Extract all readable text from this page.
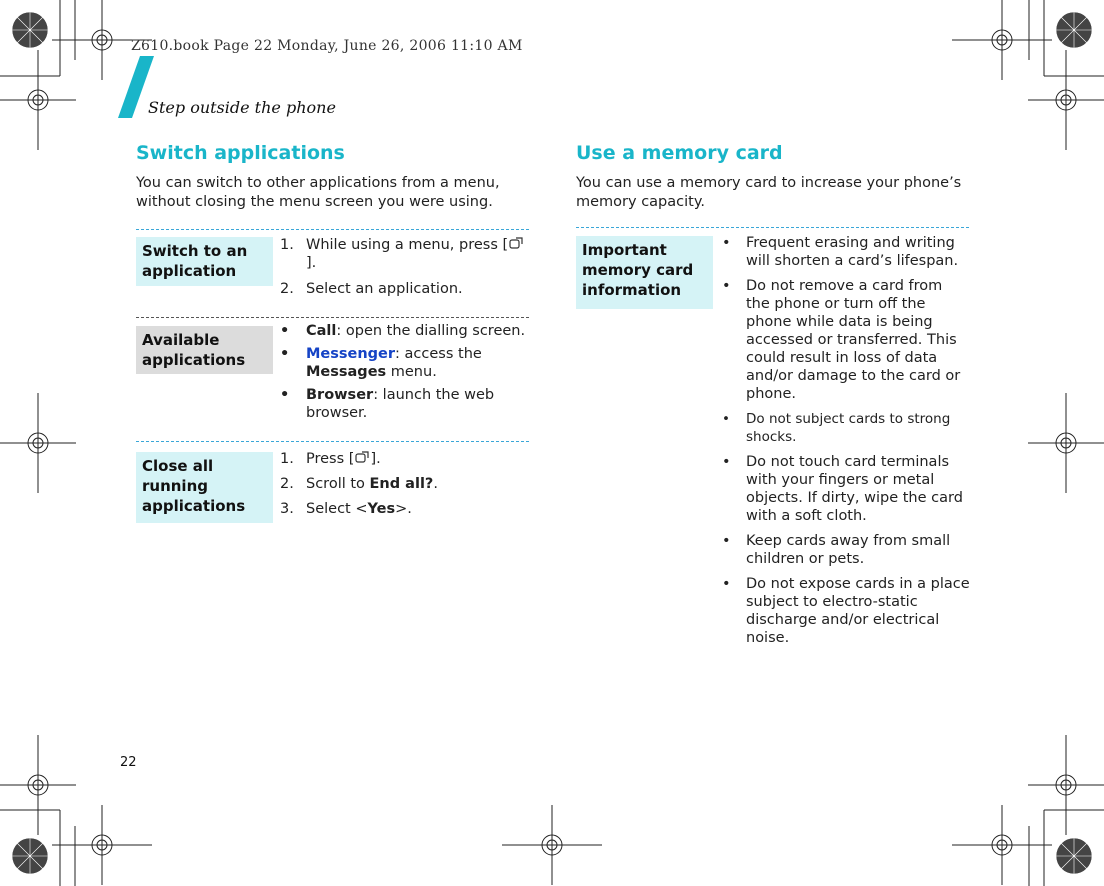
Z610.book Page 22 Monday, June 26, 2006 11:10 AM
Step outside the phone
Switch applications
You can switch to other applications from a menu, without closing the menu screen you were using.
Switch to an application
1. While using a menu, press [].
2. Select an application.
Available applications
• Call: open the dialling screen.
• Messenger: access the Messages menu.
• Browser: launch the web browser.
Close all running applications
1. Press [ ].
2. Scroll to End all?.
3. Select <Yes>.
Use a memory card
You can use a memory card to increase your phone’s memory capacity.
Important memory card information
• Frequent erasing and writing will shorten a card’s lifespan.
• Do not remove a card from the phone or turn off the phone while data is being accessed or transferred. This could result in loss of data and/or damage to the card or phone.
• Do not subject cards to strong shocks.
• Do not touch card terminals with your fingers or metal objects. If dirty, wipe the card with a soft cloth.
• Keep cards away from small children or pets.
• Do not expose cards in a place subject to electro-static discharge and/or electrical noise.
22
